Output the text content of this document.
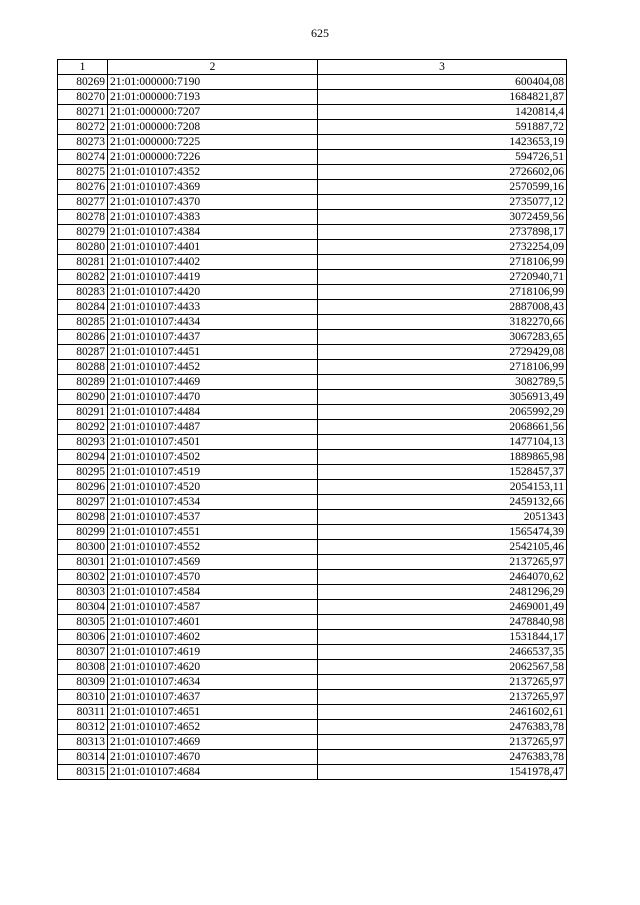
625
1	2	3
80269	21:01:000000:7190	600404,08
80270	21:01:000000:7193	1684821,87
80271	21:01:000000:7207	1420814,4
80272	21:01:000000:7208	591887,72
80273	21:01:000000:7225	1423653,19
80274	21:01:000000:7226	594726,51
80275	21:01:010107:4352	2726602,06
80276	21:01:010107:4369	2570599,16
80277	21:01:010107:4370	2735077,12
80278	21:01:010107:4383	3072459,56
80279	21:01:010107:4384	2737898,17
80280	21:01:010107:4401	2732254,09
80281	21:01:010107:4402	2718106,99
80282	21:01:010107:4419	2720940,71
80283	21:01:010107:4420	2718106,99
80284	21:01:010107:4433	2887008,43
80285	21:01:010107:4434	3182270,66
80286	21:01:010107:4437	3067283,65
80287	21:01:010107:4451	2729429,08
80288	21:01:010107:4452	2718106,99
80289	21:01:010107:4469	3082789,5
80290	21:01:010107:4470	3056913,49
80291	21:01:010107:4484	2065992,29
80292	21:01:010107:4487	2068661,56
80293	21:01:010107:4501	1477104,13
80294	21:01:010107:4502	1889865,98
80295	21:01:010107:4519	1528457,37
80296	21:01:010107:4520	2054153,11
80297	21:01:010107:4534	2459132,66
80298	21:01:010107:4537	2051343
80299	21:01:010107:4551	1565474,39
80300	21:01:010107:4552	2542105,46
80301	21:01:010107:4569	2137265,97
80302	21:01:010107:4570	2464070,62
80303	21:01:010107:4584	2481296,29
80304	21:01:010107:4587	2469001,49
80305	21:01:010107:4601	2478840,98
80306	21:01:010107:4602	1531844,17
80307	21:01:010107:4619	2466537,35
80308	21:01:010107:4620	2062567,58
80309	21:01:010107:4634	2137265,97
80310	21:01:010107:4637	2137265,97
80311	21:01:010107:4651	2461602,61
80312	21:01:010107:4652	2476383,78
80313	21:01:010107:4669	2137265,97
80314	21:01:010107:4670	2476383,78
80315	21:01:010107:4684	1541978,47
